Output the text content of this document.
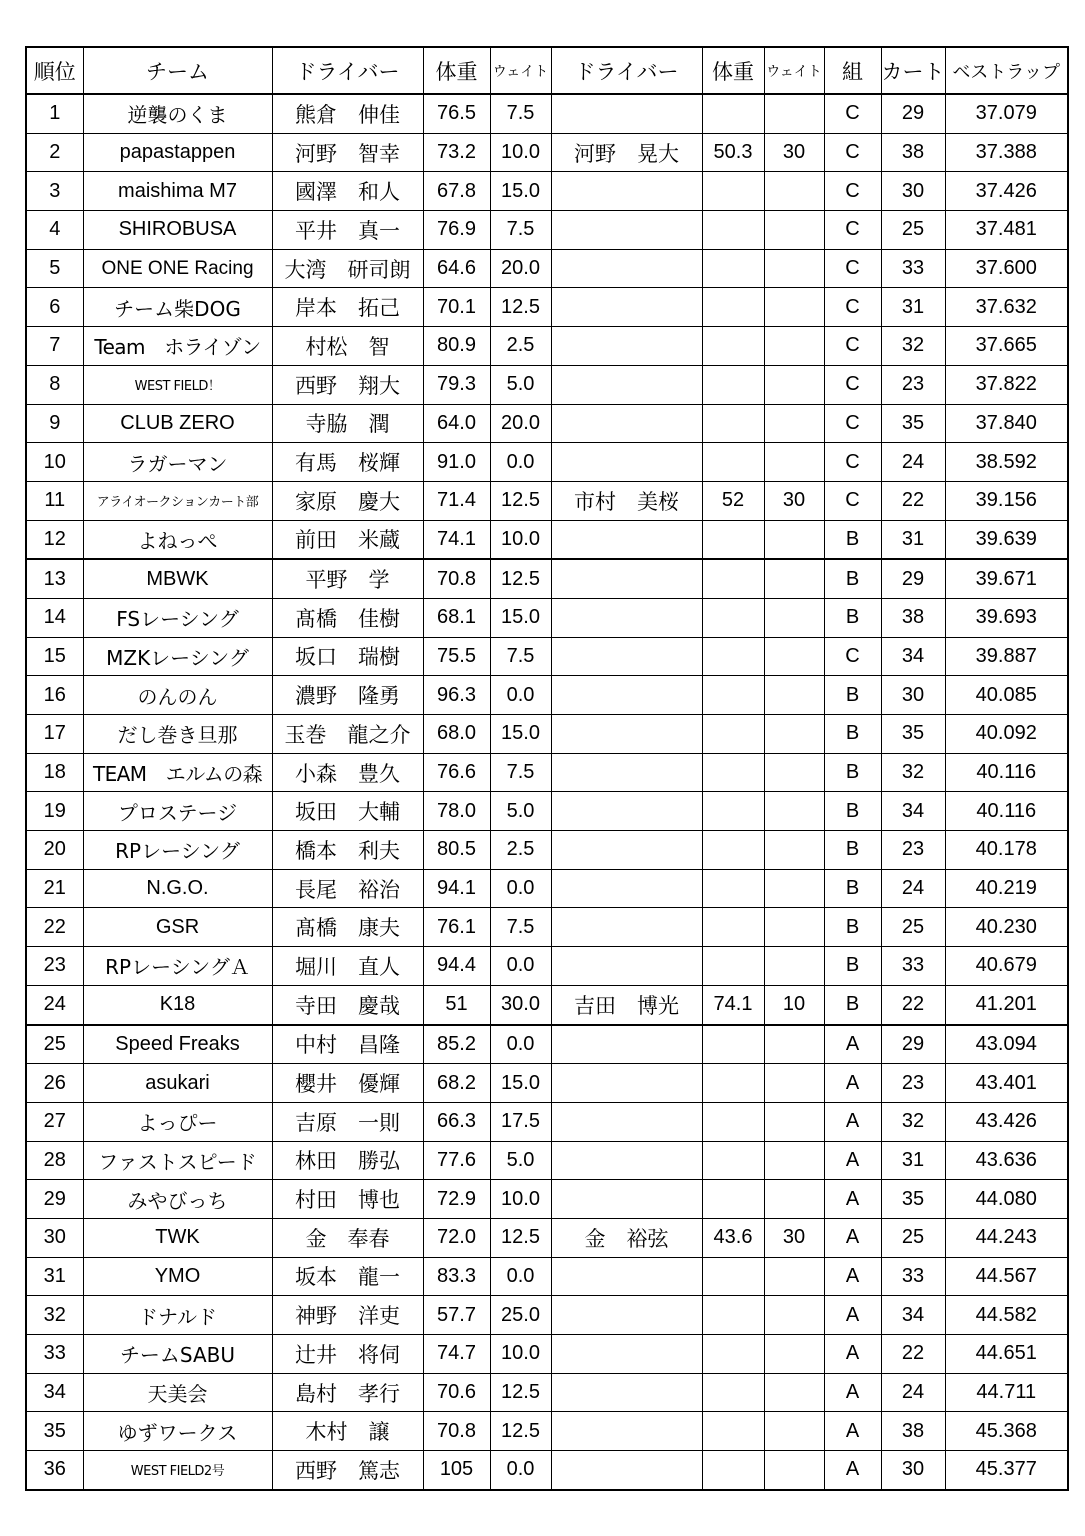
順位	チーム	ドライバー	体重	ウェイト	ドライバー	体重	ウェイト	組	カート	ベストラップ
1	逆襲のくま	熊倉　伸佳	76.5	7.5				C	29	37.079
2	papastappen	河野　智幸	73.2	10.0	河野　晃大	50.3	30	C	38	37.388
3	maishima M7	國澤　和人	67.8	15.0				C	30	37.426
4	SHIROBUSA	平井　真一	76.9	7.5				C	25	37.481
5	ONE ONE Racing	大湾　研司朗	64.6	20.0				C	33	37.600
6	チーム柴DOG	岸本　拓己	70.1	12.5				C	31	37.632
7	Team　ホライゾン	村松　智	80.9	2.5				C	32	37.665
8	WEST FIELD！	西野　翔大	79.3	5.0				C	23	37.822
9	CLUB ZERO	寺脇　潤	64.0	20.0				C	35	37.840
10	ラガーマン	有馬　桜輝	91.0	0.0				C	24	38.592
11	アライオークションカート部	家原　慶大	71.4	12.5	市村　美桜	52	30	C	22	39.156
12	よねっぺ	前田　米蔵	74.1	10.0				B	31	39.639
13	MBWK	平野　学	70.8	12.5				B	29	39.671
14	FSレーシング	髙橋　佳樹	68.1	15.0				B	38	39.693
15	MZKレーシング	坂口　瑞樹	75.5	7.5				C	34	39.887
16	のんのん	濃野　隆勇	96.3	0.0				B	30	40.085
17	だし巻き旦那	玉巻　龍之介	68.0	15.0				B	35	40.092
18	TEAM　エルムの森	小森　豊久	76.6	7.5				B	32	40.116
19	プロステージ	坂田　大輔	78.0	5.0				B	34	40.116
20	RPレーシング	橋本　利夫	80.5	2.5				B	23	40.178
21	N.G.O.	長尾　裕治	94.1	0.0				B	24	40.219
22	GSR	髙橋　康夫	76.1	7.5				B	25	40.230
23	RPレーシングＡ	堀川　直人	94.4	0.0				B	33	40.679
24	K18	寺田　慶哉	51	30.0	吉田　博光	74.1	10	B	22	41.201
25	Speed Freaks	中村　昌隆	85.2	0.0				A	29	43.094
26	asukari	櫻井　優輝	68.2	15.0				A	23	43.401
27	よっぴー	吉原　一則	66.3	17.5				A	32	43.426
28	ファストスピード	林田　勝弘	77.6	5.0				A	31	43.636
29	みやびっち	村田　博也	72.9	10.0				A	35	44.080
30	TWK	金　奉春	72.0	12.5	金　裕弦	43.6	30	A	25	44.243
31	YMO	坂本　龍一	83.3	0.0				A	33	44.567
32	ドナルド	神野　洋吏	57.7	25.0				A	34	44.582
33	チームSABU	辻井　将伺	74.7	10.0				A	22	44.651
34	天美会	島村　孝行	70.6	12.5				A	24	44.711
35	ゆずワークス	木村　譲	70.8	12.5				A	38	45.368
36	WEST FIELD2号	西野　篤志	105	0.0				A	30	45.377
